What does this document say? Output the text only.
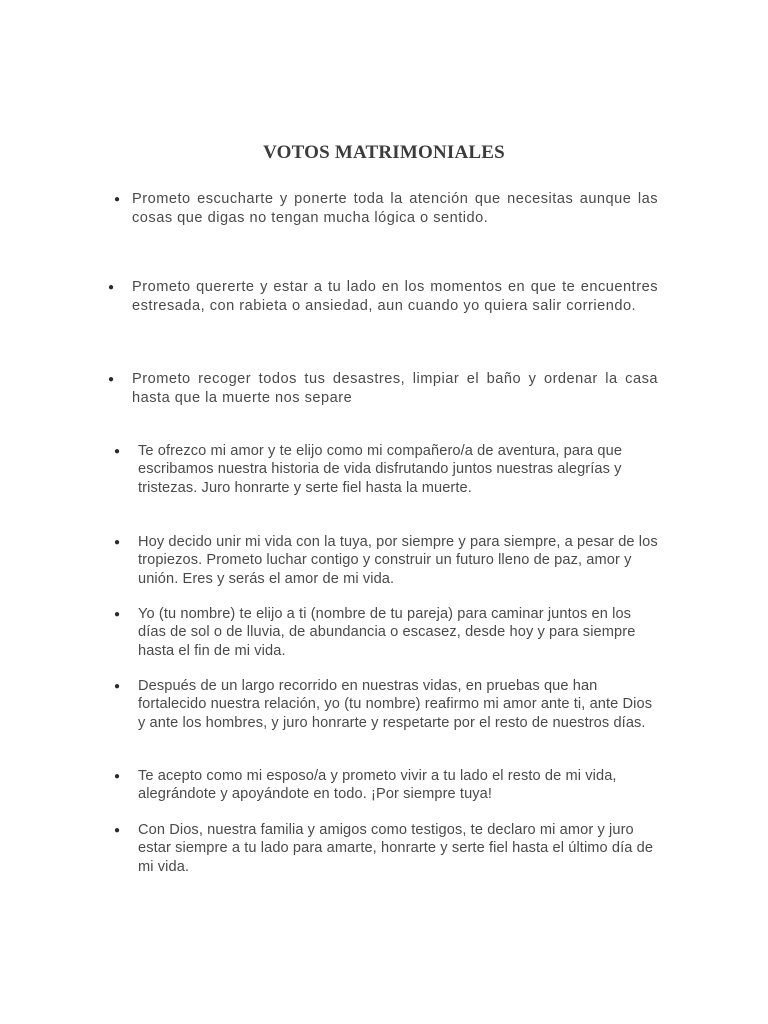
VOTOS MATRIMONIALES
● Prometo escucharte y ponerte toda la atención que necesitas aunque las cosas que digas no tengan mucha lógica o sentido.

● Prometo quererte y estar a tu lado en los momentos en que te encuentres estresada, con rabieta o ansiedad, aun cuando yo quiera salir corriendo.

● Prometo recoger todos tus desastres, limpiar el baño y ordenar la casa hasta que la muerte nos separe

● Te ofrezco mi amor y te elijo como mi compañero/a de aventura, para que escribamos nuestra historia de vida disfrutando juntos nuestras alegrías y tristezas. Juro honrarte y serte fiel hasta la muerte.

● Hoy decido unir mi vida con la tuya, por siempre y para siempre, a pesar de los tropiezos. Prometo luchar contigo y construir un futuro lleno de paz, amor y unión. Eres y serás el amor de mi vida.

● Yo (tu nombre) te elijo a ti (nombre de tu pareja) para caminar juntos en los días de sol o de lluvia, de abundancia o escasez, desde hoy y para siempre hasta el fin de mi vida.

● Después de un largo recorrido en nuestras vidas, en pruebas que han fortalecido nuestra relación, yo (tu nombre) reafirmo mi amor ante ti, ante Dios y ante los hombres, y juro honrarte y respetarte por el resto de nuestros días.

● Te acepto como mi esposo/a y prometo vivir a tu lado el resto de mi vida, alegrándote y apoyándote en todo. ¡Por siempre tuya!

● Con Dios, nuestra familia y amigos como testigos, te declaro mi amor y juro estar siempre a tu lado para amarte, honrarte y serte fiel hasta el último día de mi vida.
